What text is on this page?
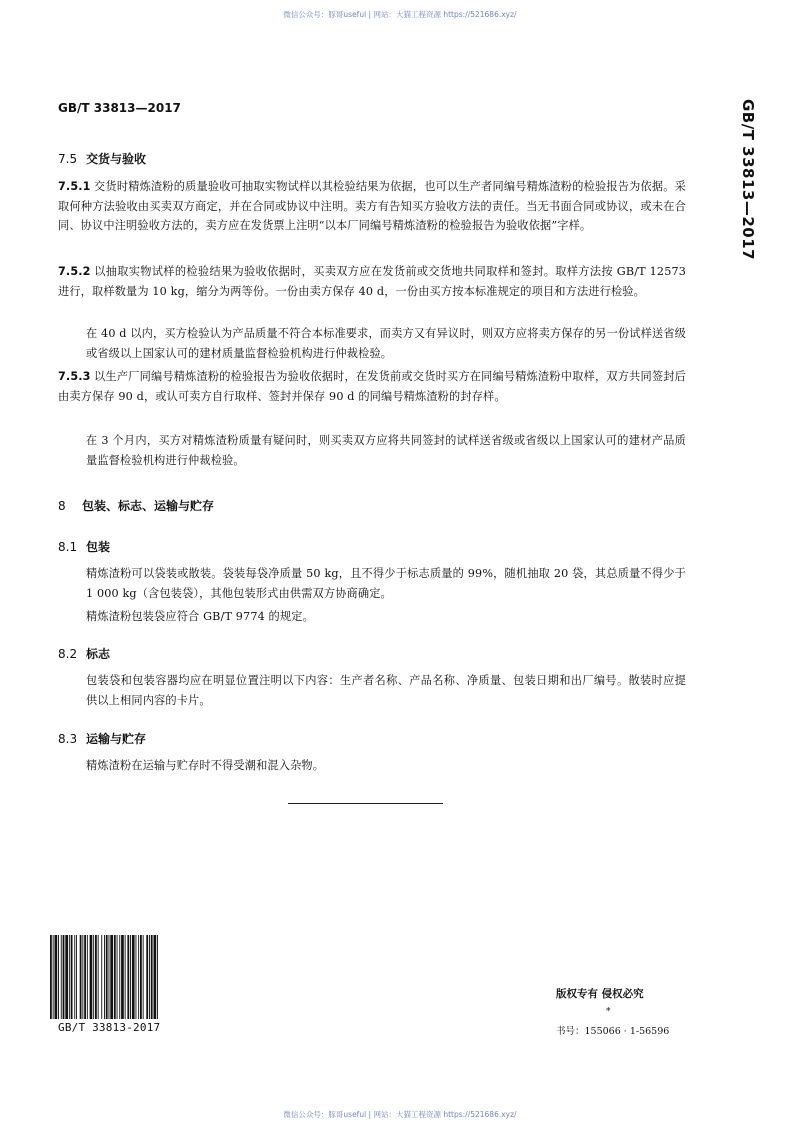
微信公众号：豚哥useful | 网站：大猫工程资源 https://521686.xyz/
GB/T 33813—2017	GB/T 33813—2017
7.5 交货与验收
7.5.1 交货时精炼渣粉的质量验收可抽取实物试样以其检验结果为依据，也可以生产者同编号精炼渣粉的检验报告为依据。采取何种方法验收由买卖双方商定，并在合同或协议中注明。卖方有告知买方验收方法的责任。当无书面合同或协议，或未在合同、协议中注明验收方法的，卖方应在发货票上注明“以本厂同编号精炼渣粉的检验报告为验收依据”字样。
7.5.2 以抽取实物试样的检验结果为验收依据时，买卖双方应在发货前或交货地共同取样和签封。取样方法按 GB/T 12573 进行，取样数量为 10 kg，缩分为两等份。一份由卖方保存 40 d，一份由买方按本标准规定的项目和方法进行检验。
在 40 d 以内，买方检验认为产品质量不符合本标准要求，而卖方又有异议时，则双方应将卖方保存的另一份试样送省级或省级以上国家认可的建材质量监督检验机构进行仲裁检验。
7.5.3 以生产厂同编号精炼渣粉的检验报告为验收依据时，在发货前或交货时买方在同编号精炼渣粉中取样，双方共同签封后由卖方保存 90 d，或认可卖方自行取样、签封并保存 90 d 的同编号精炼渣粉的封存样。
在 3 个月内，买方对精炼渣粉质量有疑问时，则买卖双方应将共同签封的试样送省级或省级以上国家认可的建材产品质量监督检验机构进行仲裁检验。
8 包装、标志、运输与贮存
8.1 包装
精炼渣粉可以袋装或散装。袋装每袋净质量 50 kg，且不得少于标志质量的 99%，随机抽取 20 袋，其总质量不得少于 1 000 kg（含包装袋），其他包装形式由供需双方协商确定。
精炼渣粉包装袋应符合 GB/T 9774 的规定。
8.2 标志
包装袋和包装容器均应在明显位置注明以下内容：生产者名称、产品名称、净质量、包装日期和出厂编号。散装时应提供以上相同内容的卡片。
8.3 运输与贮存
精炼渣粉在运输与贮存时不得受潮和混入杂物。
GB/T 33813-2017
版权专有 侵权必究
*
书号：155066 · 1-56596
微信公众号：豚哥useful | 网站：大猫工程资源 https://521686.xyz/
